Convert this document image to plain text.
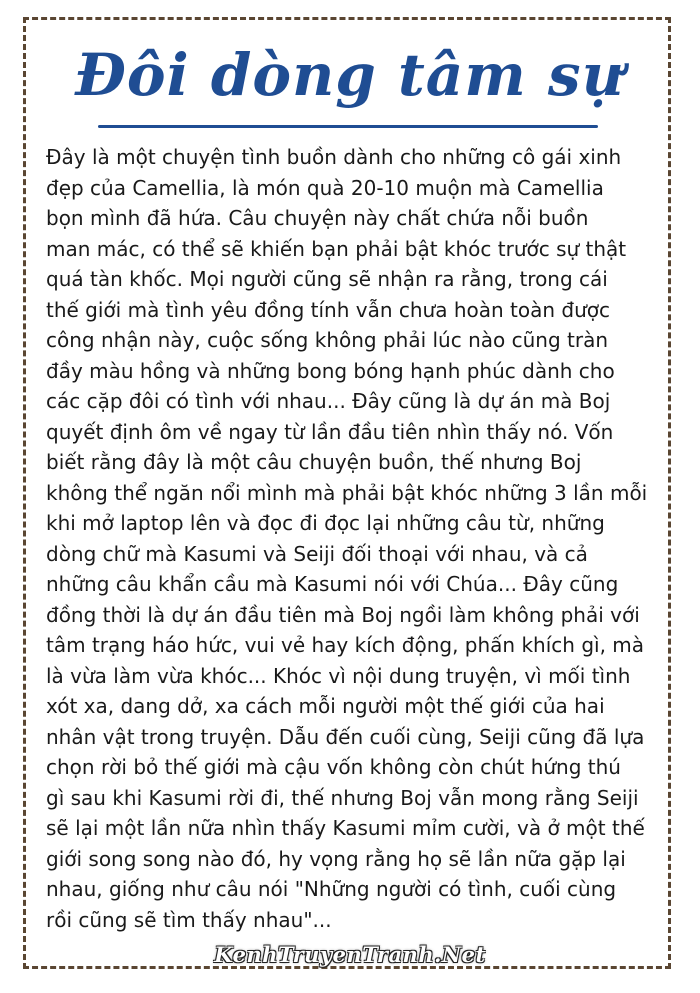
Đôi dòng tâm sự

Đây là một chuyện tình buồn dành cho những cô gái xinh
đẹp của Camellia, là món quà 20-10 muộn mà Camellia
bọn mình đã hứa. Câu chuyện này chất chứa nỗi buồn
man mác, có thể sẽ khiến bạn phải bật khóc trước sự thật
quá tàn khốc. Mọi người cũng sẽ nhận ra rằng, trong cái
thế giới mà tình yêu đồng tính vẫn chưa hoàn toàn được
công nhận này, cuộc sống không phải lúc nào cũng tràn
đầy màu hồng và những bong bóng hạnh phúc dành cho
các cặp đôi có tình với nhau... Đây cũng là dự án mà Boj
quyết định ôm về ngay từ lần đầu tiên nhìn thấy nó. Vốn
biết rằng đây là một câu chuyện buồn, thế nhưng Boj
không thể ngăn nổi mình mà phải bật khóc những 3 lần mỗi
khi mở laptop lên và đọc đi đọc lại những câu từ, những
dòng chữ mà Kasumi và Seiji đối thoại với nhau, và cả
những câu khẩn cầu mà Kasumi nói với Chúa... Đây cũng
đồng thời là dự án đầu tiên mà Boj ngồi làm không phải với
tâm trạng háo hức, vui vẻ hay kích động, phấn khích gì, mà
là vừa làm vừa khóc... Khóc vì nội dung truyện, vì mối tình
xót xa, dang dở, xa cách mỗi người một thế giới của hai
nhân vật trong truyện. Dẫu đến cuối cùng, Seiji cũng đã lựa
chọn rời bỏ thế giới mà cậu vốn không còn chút hứng thú
gì sau khi Kasumi rời đi, thế nhưng Boj vẫn mong rằng Seiji
sẽ lại một lần nữa nhìn thấy Kasumi mỉm cười, và ở một thế
giới song song nào đó, hy vọng rằng họ sẽ lần nữa gặp lại
nhau, giống như câu nói "Những người có tình, cuối cùng
rồi cũng sẽ tìm thấy nhau"...

KenhTruyenTranh.Net
